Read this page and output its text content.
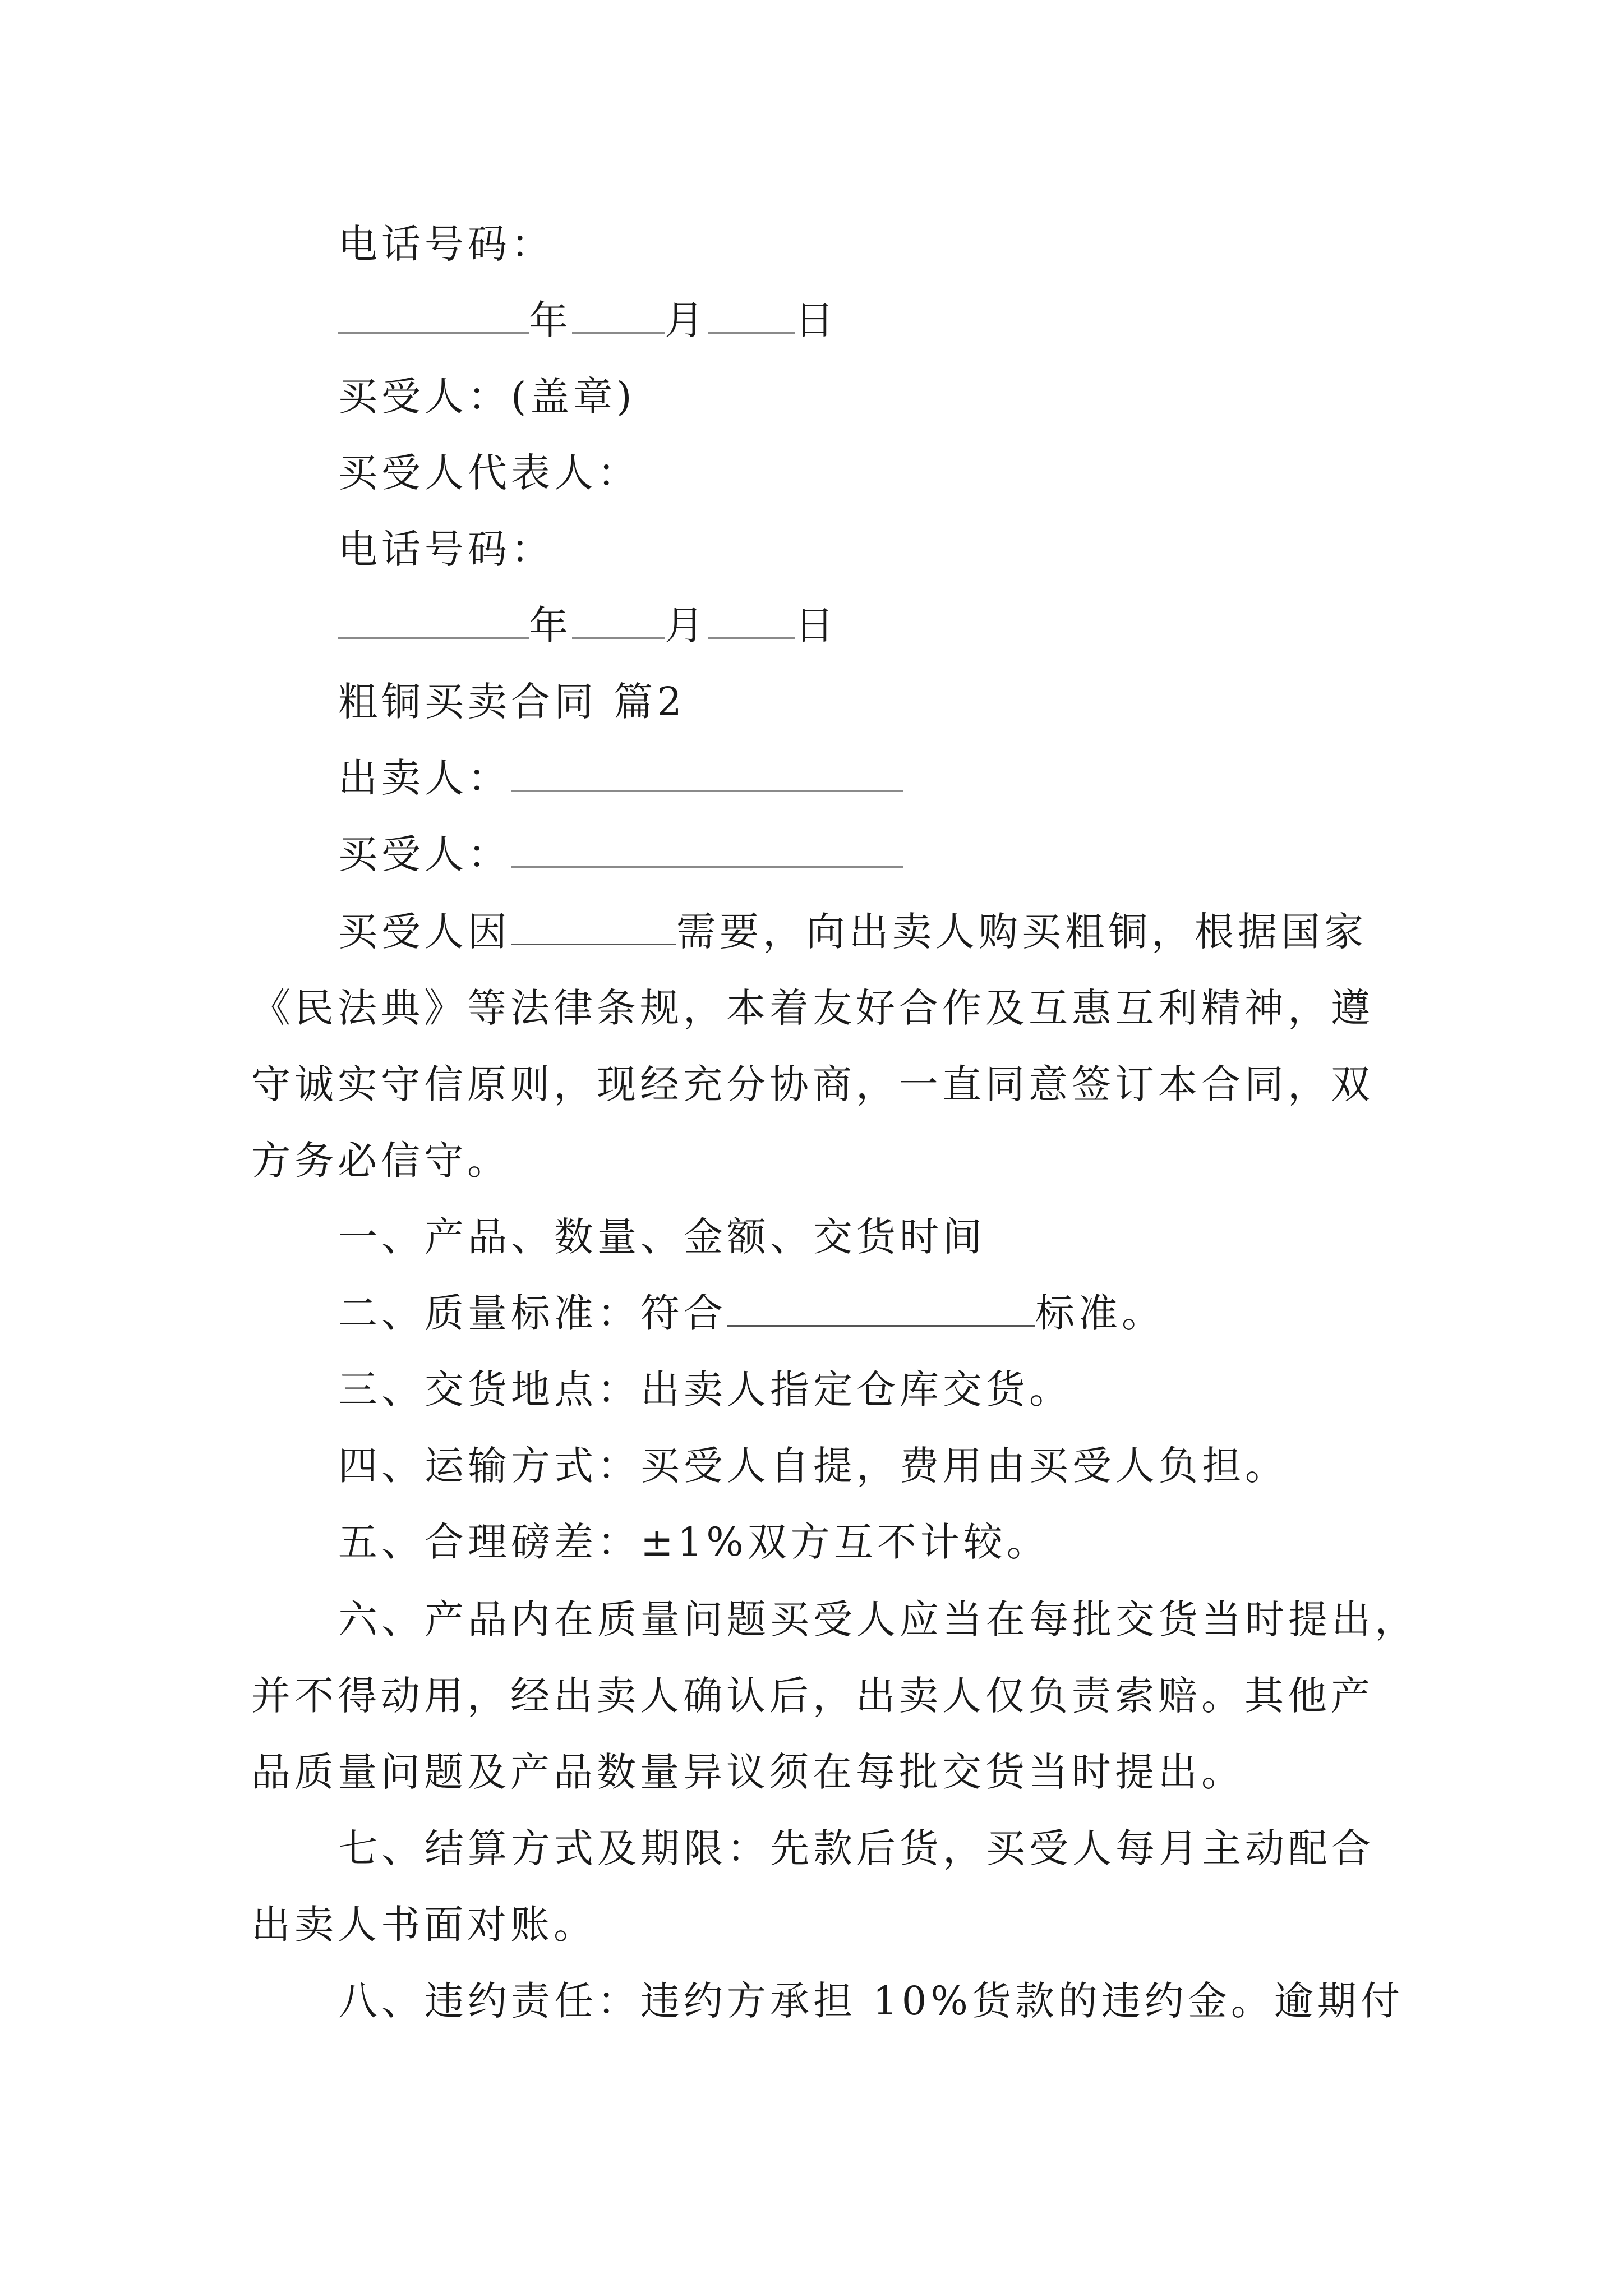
电话号码：
年 月 日
买受人：(盖章)
买受人代表人：
电话号码：
年 月 日
粗铜买卖合同 篇2
出卖人：
买受人：
买受人因	需要，向出卖人购买粗铜，根据国家
《民法典》等法律条规，本着友好合作及互惠互利精神，遵
守诚实守信原则，现经充分协商，一直同意签订本合同，双
方务必信守。
一、产品、数量、金额、交货时间
二、质量标准：符合	标准。
三、交货地点：出卖人指定仓库交货。
四、运输方式：买受人自提，费用由买受人负担。
五、合理磅差：±1%双方互不计较。
六、产品内在质量问题买受人应当在每批交货当时提出，
并不得动用，经出卖人确认后，出卖人仅负责索赔。其他产
品质量问题及产品数量异议须在每批交货当时提出。
七、结算方式及期限：先款后货，买受人每月主动配合
出卖人书面对账。
八、违约责任：违约方承担 10%货款的违约金。逾期付
